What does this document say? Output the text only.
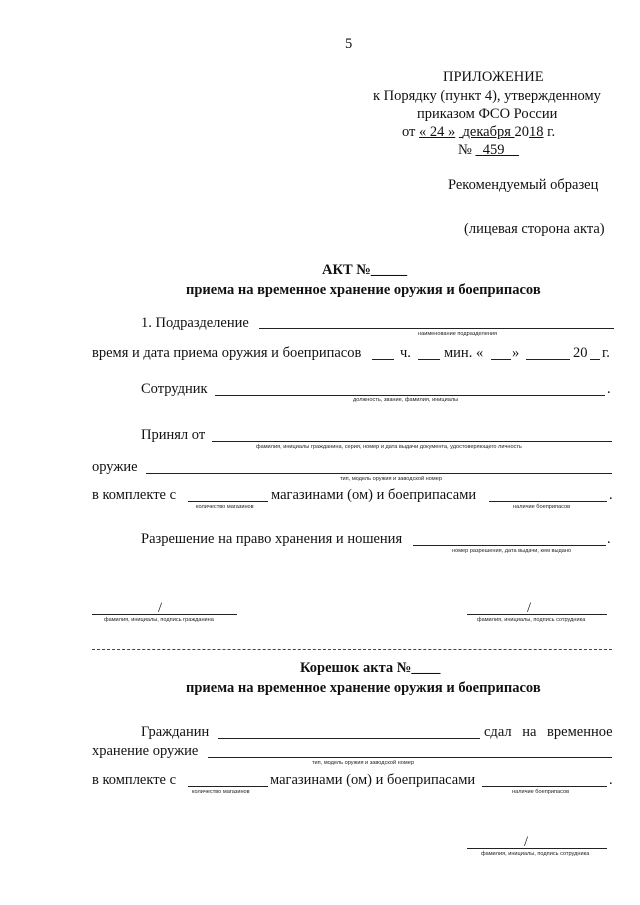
5
ПРИЛОЖЕНИЕ
к Порядку (пункт 4), утвержденному
приказом ФСО России
от « 24 » декабря 2018 г.
№ 459
Рекомендуемый образец
(лицевая сторона акта)
АКТ №_____
приема на временное хранение оружия и боеприпасов
1. Подразделение
наименование подразделения
время и дата приема оружия и боеприпасов	ч. мин. « »	20 г.
Сотрудник	.
должность, звание, фамилия, инициалы
Принял от
фамилия, инициалы гражданина, серия, номер и дата выдачи документа, удостоверяющего личность
оружие
тип, модель оружия и заводской номер
в комплекте с	магазинами (ом) и боеприпасами	.
количество магазинов	наличие боеприпасов
Разрешение на право хранения и ношения	.
номер разрешения, дата выдачи, кем выдано
/
фамилия, инициалы, подпись гражданина
/
фамилия, инициалы, подпись сотрудника
Корешок акта №____
приема на временное хранение оружия и боеприпасов
Гражданин	сдал на временное
хранение оружие
тип, модель оружия и заводской номер
в комплекте с	магазинами (ом) и боеприпасами	.
количество магазинов	наличие боеприпасов
/
фамилия, инициалы, подпись сотрудника
